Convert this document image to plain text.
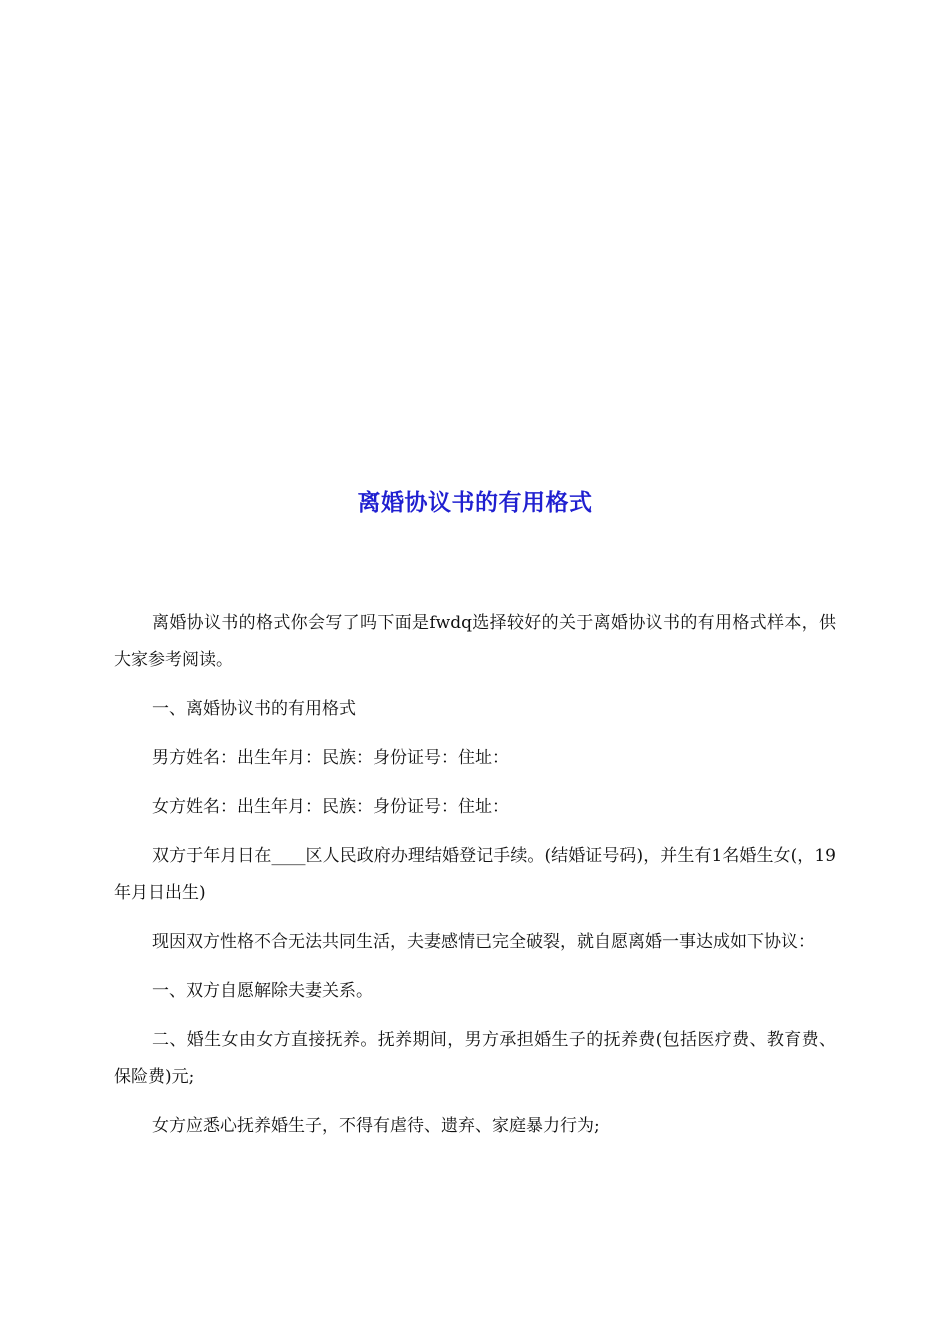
离婚协议书的有用格式

离婚协议书的格式你会写了吗下面是fwdq选择较好的关于离婚协议书的有用格式样本，供大家参考阅读。

一、离婚协议书的有用格式

男方姓名：出生年月：民族：身份证号：住址：

女方姓名：出生年月：民族：身份证号：住址：

双方于年月日在____区人民政府办理结婚登记手续。(结婚证号码)，并生有1名婚生女(，19年月日出生)

现因双方性格不合无法共同生活，夫妻感情已完全破裂，就自愿离婚一事达成如下协议：

一、双方自愿解除夫妻关系。

二、婚生女由女方直接抚养。抚养期间，男方承担婚生子的抚养费(包括医疗费、教育费、保险费)元;

女方应悉心抚养婚生子，不得有虐待、遗弃、家庭暴力行为;
